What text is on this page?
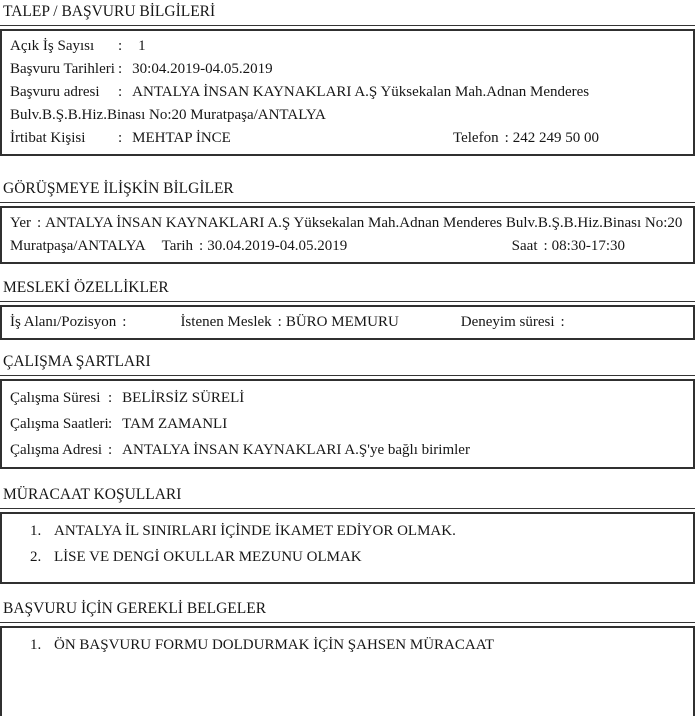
TALEP / BAŞVURU BİLGİLERİ
Açık İş Sayısı	: 1
Başvuru Tarihleri : 30:04.2019-04.05.2019
Başvuru adresi	: ANTALYA İNSAN KAYNAKLARI A.Ş Yüksekalan Mah.Adnan Menderes
Bulv.B.Ş.B.Hiz.Binası No:20 Muratpaşa/ANTALYA
İrtibat Kişisi	: MEHTAP İNCE	Telefon : 242 249 50 00
GÖRÜŞMEYE İLİŞKİN BİLGİLER
Yer : ANTALYA İNSAN KAYNAKLARI A.Ş Yüksekalan Mah.Adnan Menderes Bulv.B.Ş.B.Hiz.Binası No:20
Muratpaşa/ANTALYA Tarih : 30.04.2019-04.05.2019	Saat : 08:30-17:30
MESLEKİ ÖZELLİKLER
İş Alanı/Pozisyon :	İstenen Meslek : BÜRO MEMURU	Deneyim süresi :
ÇALIŞMA ŞARTLARI
Çalışma Süresi : BELİRSİZ SÜRELİ
Çalışma Saatleri : TAM ZAMANLI
Çalışma Adresi : ANTALYA İNSAN KAYNAKLARI A.Ş'ye bağlı birimler
MÜRACAAT KOŞULLARI
1. ANTALYA İL SINIRLARI İÇİNDE İKAMET EDİYOR OLMAK.
2. LİSE VE DENGİ OKULLAR MEZUNU OLMAK
BAŞVURU İÇİN GEREKLİ BELGELER
1. ÖN BAŞVURU FORMU DOLDURMAK İÇİN ŞAHSEN MÜRACAAT
